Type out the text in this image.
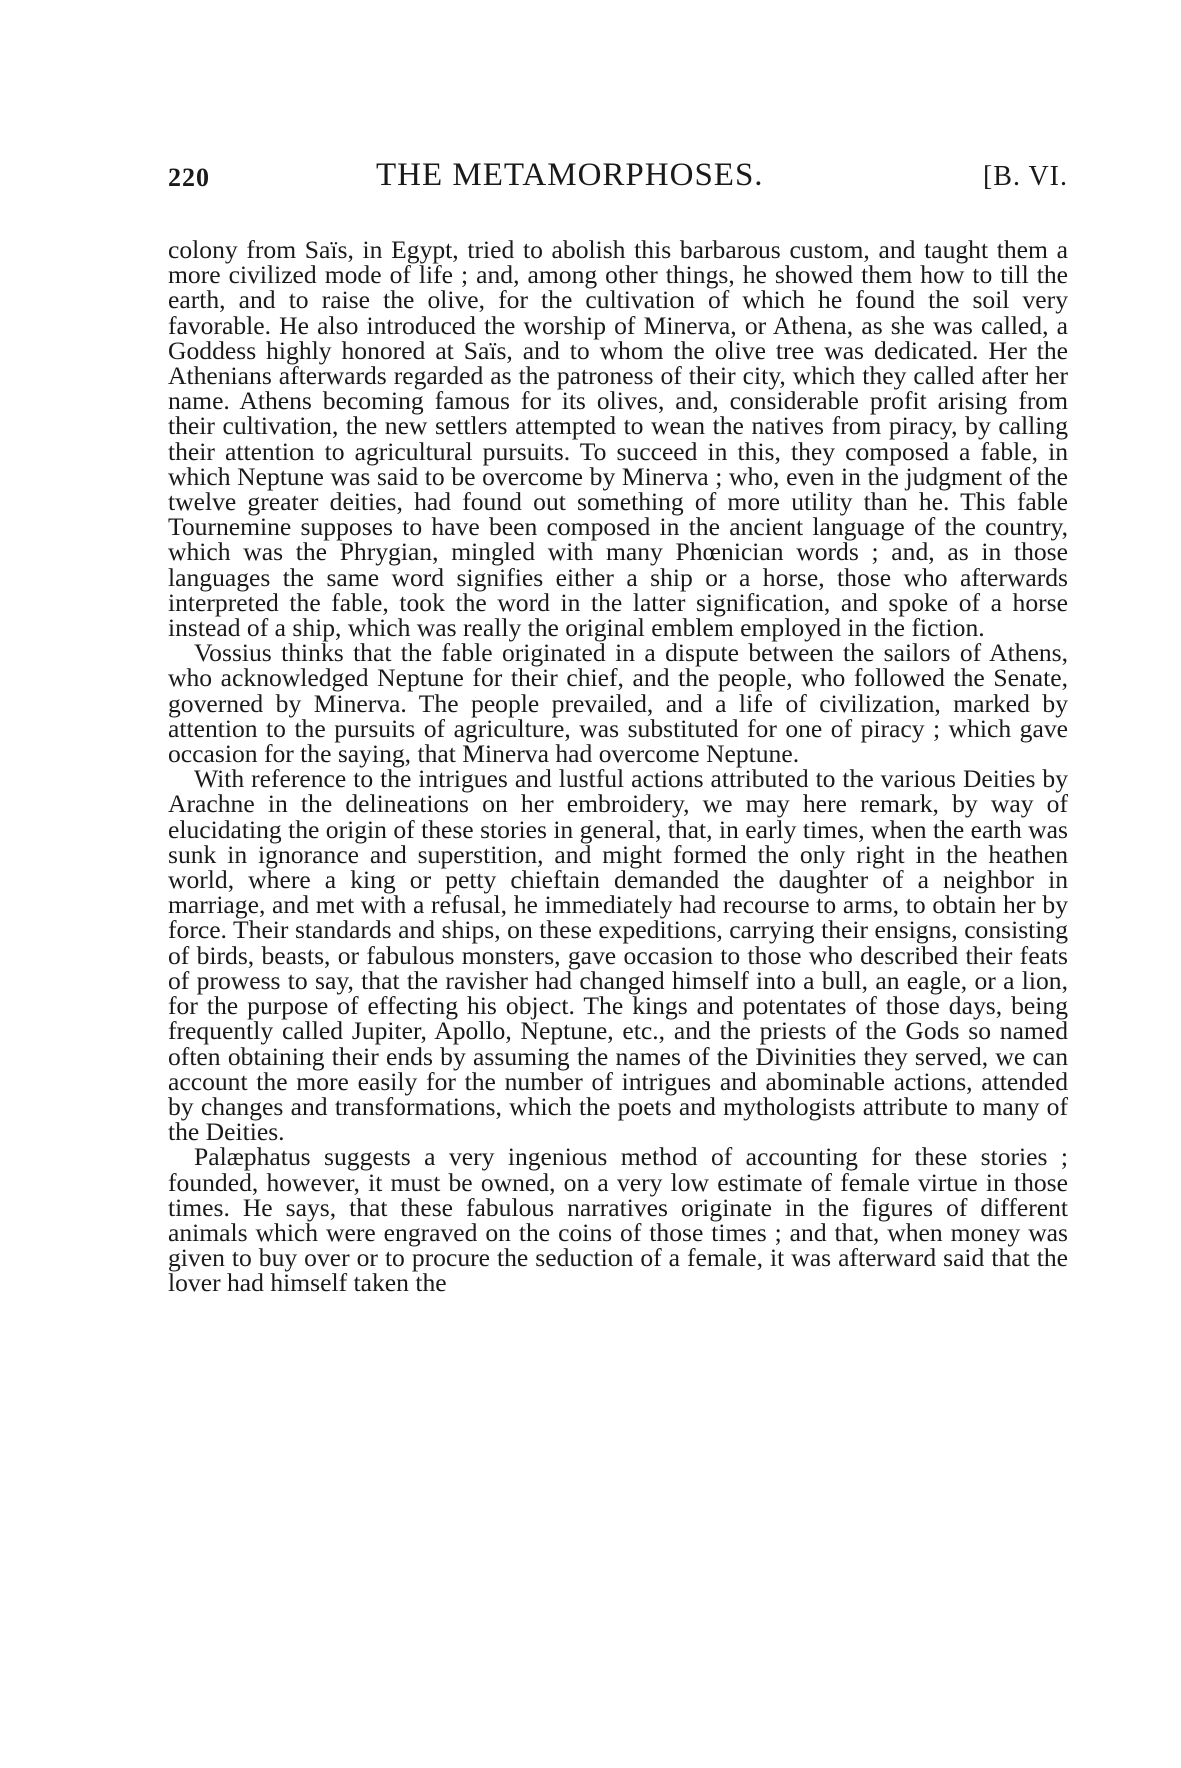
220	THE METAMORPHOSES.	[B. VI.

colony from Saïs, in Egypt, tried to abolish this barbarous custom, and taught them a more civilized mode of life ; and, among other things, he showed them how to till the earth, and to raise the olive, for the cultivation of which he found the soil very favorable. He also introduced the worship of Minerva, or Athena, as she was called, a Goddess highly honored at Saïs, and to whom the olive tree was dedicated. Her the Athenians afterwards regarded as the patroness of their city, which they called after her name. Athens becoming famous for its olives, and, considerable profit arising from their cultivation, the new settlers attempted to wean the natives from piracy, by calling their attention to agricultural pursuits. To succeed in this, they composed a fable, in which Neptune was said to be overcome by Minerva ; who, even in the judgment of the twelve greater deities, had found out something of more utility than he. This fable Tournemine supposes to have been composed in the ancient language of the country, which was the Phrygian, mingled with many Phœnician words ; and, as in those languages the same word signifies either a ship or a horse, those who afterwards interpreted the fable, took the word in the latter signification, and spoke of a horse instead of a ship, which was really the original emblem employed in the fiction.

Vossius thinks that the fable originated in a dispute between the sailors of Athens, who acknowledged Neptune for their chief, and the people, who followed the Senate, governed by Minerva. The people prevailed, and a life of civilization, marked by attention to the pursuits of agriculture, was substituted for one of piracy ; which gave occasion for the saying, that Minerva had overcome Neptune.

With reference to the intrigues and lustful actions attributed to the various Deities by Arachne in the delineations on her embroidery, we may here remark, by way of elucidating the origin of these stories in general, that, in early times, when the earth was sunk in ignorance and superstition, and might formed the only right in the heathen world, where a king or petty chieftain demanded the daughter of a neighbor in marriage, and met with a refusal, he immediately had recourse to arms, to obtain her by force. Their standards and ships, on these expeditions, carrying their ensigns, consisting of birds, beasts, or fabulous monsters, gave occasion to those who described their feats of prowess to say, that the ravisher had changed himself into a bull, an eagle, or a lion, for the purpose of effecting his object. The kings and potentates of those days, being frequently called Jupiter, Apollo, Neptune, etc., and the priests of the Gods so named often obtaining their ends by assuming the names of the Divinities they served, we can account the more easily for the number of intrigues and abominable actions, attended by changes and transformations, which the poets and mythologists attribute to many of the Deities.

Palæphatus suggests a very ingenious method of accounting for these stories ; founded, however, it must be owned, on a very low estimate of female virtue in those times. He says, that these fabulous narratives originate in the figures of different animals which were engraved on the coins of those times ; and that, when money was given to buy over or to procure the seduction of a female, it was afterward said that the lover had himself taken the
